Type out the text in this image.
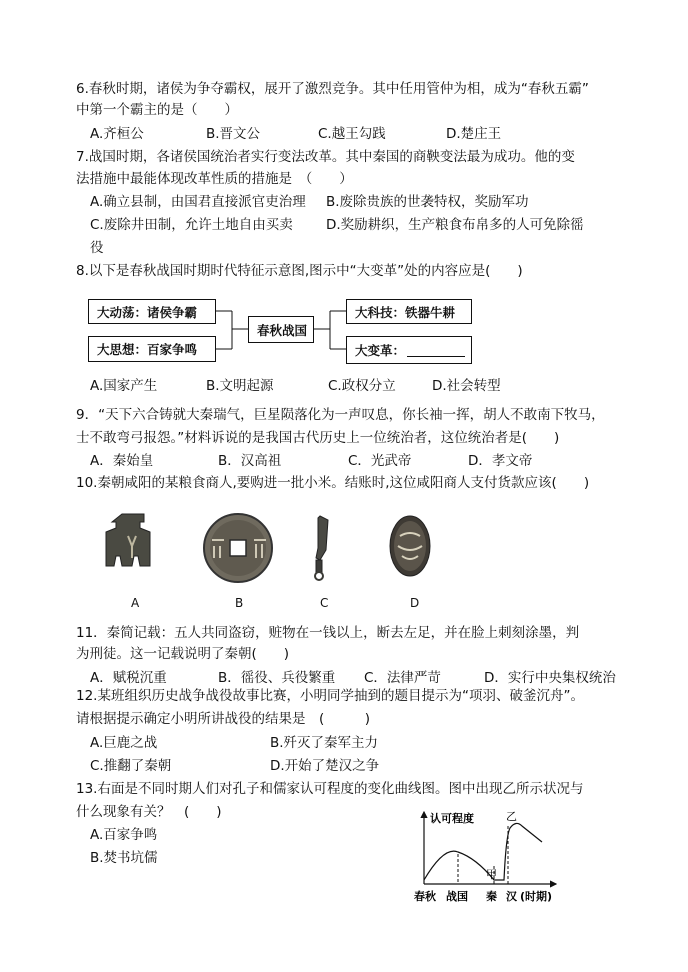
6.春秋时期，诸侯为争夺霸权，展开了激烈竞争。其中任用管仲为相，成为“春秋五霸”
中第一个霸主的是（　　）
A.齐桓公	B.晋文公	C.越王勾践	D.楚庄王
7.战国时期，各诸侯国统治者实行变法改革。其中秦国的商鞅变法最为成功。他的变
法措施中最能体现改革性质的措施是　（　　）
A.确立县制，由国君直接派官吏治理 B.废除贵族的世袭特权，奖励军功
C.废除井田制，允许土地自由买卖 D.奖励耕织，生产粮食布帛多的人可免除徭
役
8.以下是春秋战国时期时代特征示意图,图示中“大变革”处的内容应是(　　)
大动荡：诸侯争霸
大思想：百家争鸣
春秋战国
大科技：铁器牛耕
大变革：
A.国家产生	B.文明起源	C.政权分立	D.社会转型
9．“天下六合铸就大秦瑞气，巨星陨落化为一声叹息，你长袖一挥，胡人不敢南下牧马，
士不敢弯弓报怨。”材料诉说的是我国古代历史上一位统治者，这位统治者是(　　)
A．秦始皇	B．汉高祖	C．光武帝	D．孝文帝
10.秦朝咸阳的某粮食商人,要购进一批小米。结账时,这位咸阳商人支付货款应该(　　)
A	B	C	D
11．秦简记载：五人共同盗窃，赃物在一钱以上，断去左足，并在脸上刺刻涂墨，判
为刑徒。这一记载说明了秦朝(　　)
A．赋税沉重	B．徭役、兵役繁重 C．法律严苛	D．实行中央集权统治
12.某班组织历史战争战役故事比赛，小明同学抽到的题目提示为“项羽、破釜沉舟”。
请根据提示确定小明所讲战役的结果是　(　　　)
A.巨鹿之战	B.歼灭了秦军主力
C.推翻了秦朝	D.开始了楚汉之争
13.右面是不同时期人们对孔子和儒家认可程度的变化曲线图。图中出现乙所示状况与
什么现象有关？　(　　)
A.百家争鸣
B.焚书坑儒
认可程度
甲
乙
春秋 战国 秦 汉 (时期)
